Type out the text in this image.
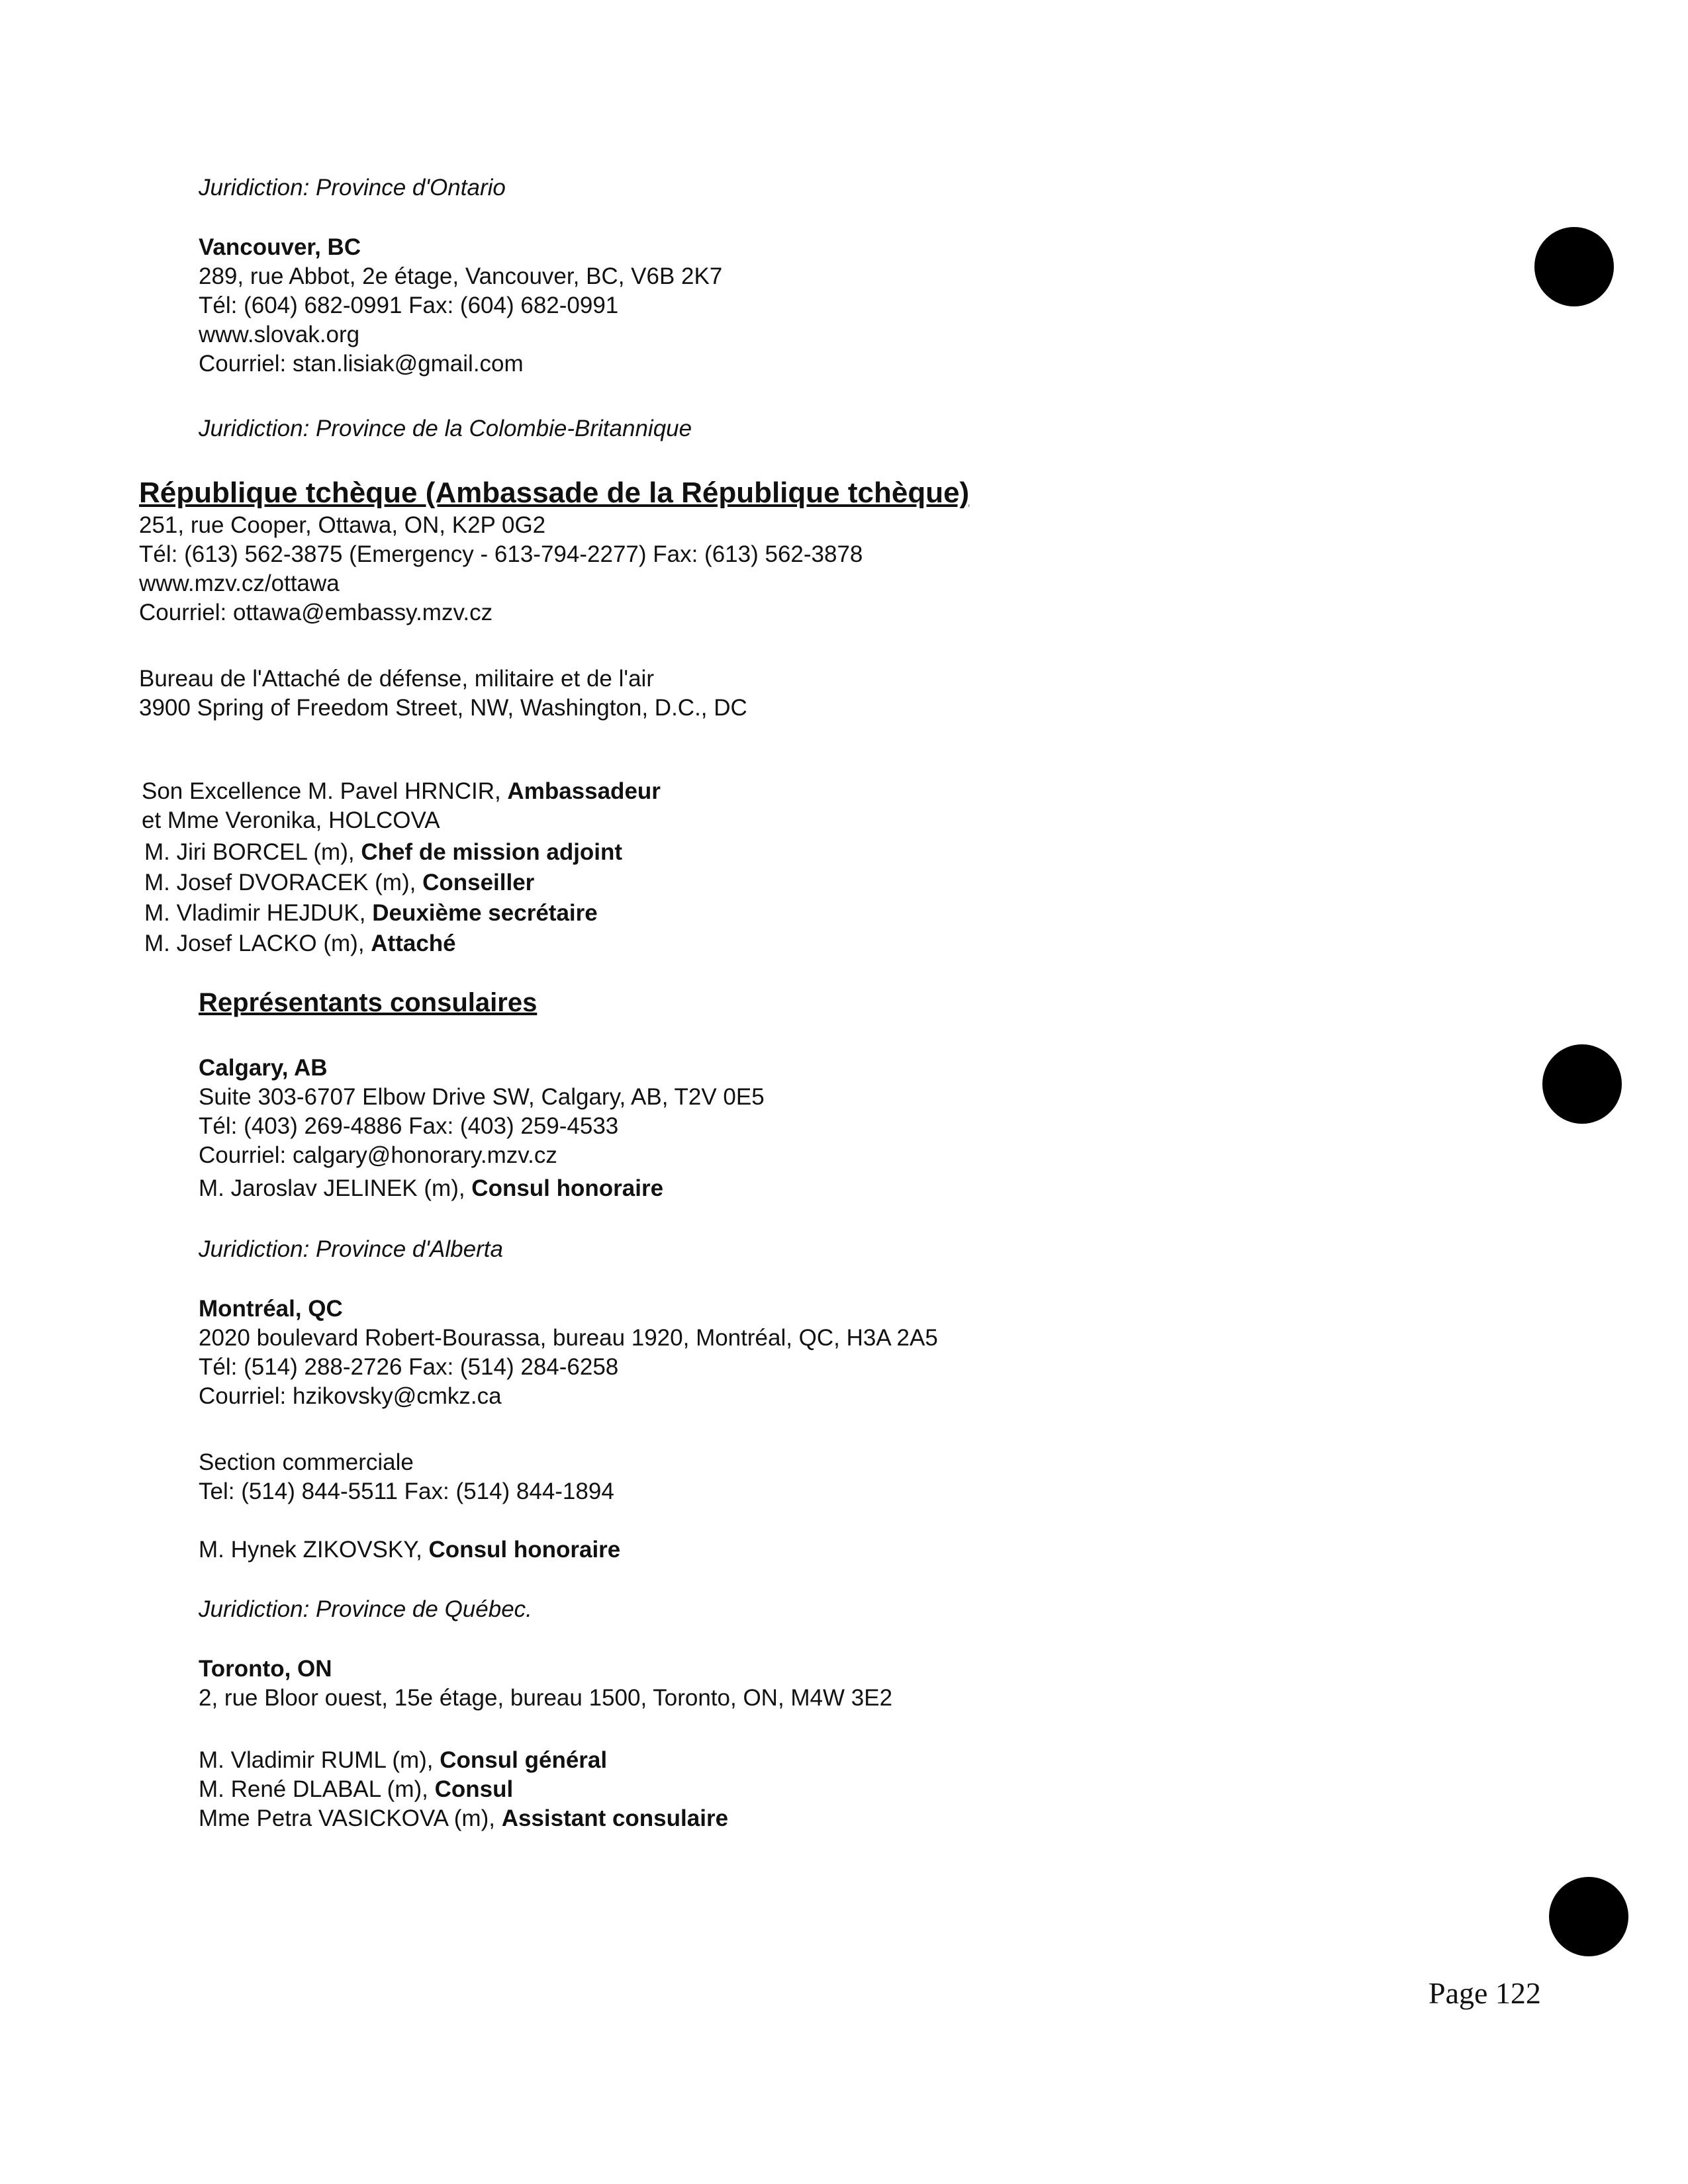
Juridiction: Province d'Ontario
Vancouver, BC
289, rue Abbot, 2e étage, Vancouver, BC, V6B 2K7
Tél: (604) 682-0991 Fax: (604) 682-0991
www.slovak.org
Courriel: stan.lisiak@gmail.com
Juridiction: Province de la Colombie-Britannique
République tchèque (Ambassade de la République tchèque)
251, rue Cooper, Ottawa, ON, K2P 0G2
Tél: (613) 562-3875 (Emergency - 613-794-2277) Fax: (613) 562-3878
www.mzv.cz/ottawa
Courriel: ottawa@embassy.mzv.cz
Bureau de l'Attaché de défense, militaire et de l'air
3900 Spring of Freedom Street, NW, Washington, D.C., DC
Son Excellence M. Pavel HRNCIR, Ambassadeur
et Mme Veronika, HOLCOVA
M. Jiri BORCEL (m), Chef de mission adjoint
M. Josef DVORACEK (m), Conseiller
M. Vladimir HEJDUK, Deuxième secrétaire
M. Josef LACKO (m), Attaché
Représentants consulaires
Calgary, AB
Suite 303-6707 Elbow Drive SW, Calgary, AB, T2V 0E5
Tél: (403) 269-4886 Fax: (403) 259-4533
Courriel: calgary@honorary.mzv.cz
M. Jaroslav JELINEK (m), Consul honoraire
Juridiction: Province d'Alberta
Montréal, QC
2020 boulevard Robert-Bourassa, bureau 1920, Montréal, QC, H3A 2A5
Tél: (514) 288-2726 Fax: (514) 284-6258
Courriel: hzikovsky@cmkz.ca
Section commerciale
Tel: (514) 844-5511 Fax: (514) 844-1894
M. Hynek ZIKOVSKY, Consul honoraire
Juridiction: Province de Québec.
Toronto, ON
2, rue Bloor ouest, 15e étage, bureau 1500, Toronto, ON, M4W 3E2
M. Vladimir RUML (m), Consul général
M. René DLABAL (m), Consul
Mme Petra VASICKOVA (m), Assistant consulaire
Page 122
